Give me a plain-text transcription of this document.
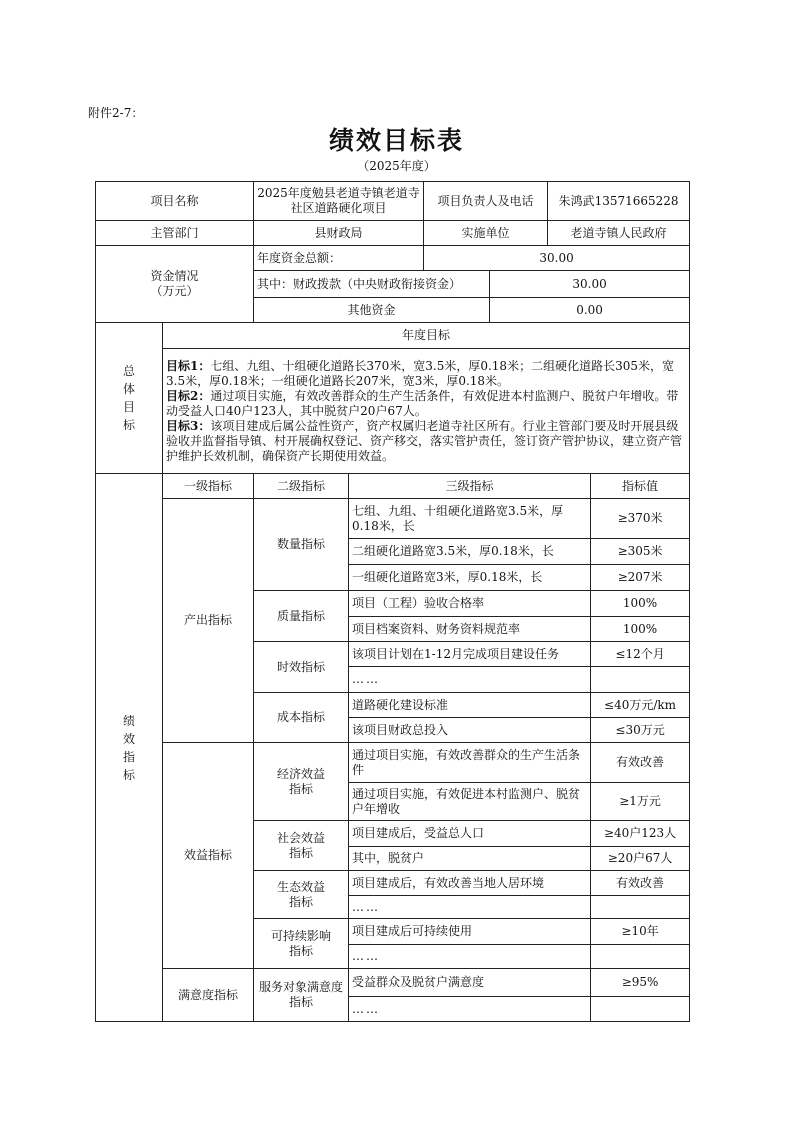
附件2-7：
绩效目标表
（2025年度）
项目名称		2025年度勉县老道寺镇老道寺社区道路硬化项目		项目负责人及电话		朱鸿武13571665228	
主管部门		县财政局		实施单位		老道寺镇人民政府	
资金情况
（万元）		年度资金总额：		30.00			
		其中：财政拨款（中央财政衔接资金）			30.00		
		其他资金			0.00		
总
体
目
标	年度目标						

	目标1：七组、九组、十组硬化道路长370米，宽3.5米，厚0.18米；二组硬化道路长305米，宽3.5米，厚0.18米；一组硬化道路长207米，宽3米，厚0.18米。

目标2：通过项目实施，有效改善群众的生产生活条件，有效促进本村监测户、脱贫户年增收。带动受益人口40户123人，其中脱贫户20户67人。

目标3：该项目建成后属公益性资产，资产权属归老道寺社区所有。行业主管部门要及时开展县级验收并监督指导镇、村开展确权登记、资产移交，落实管护责任，签订资产管护协议，建立资产管护维护长效机制，确保资产长期使用效益。						

绩
效
指
标	一级指标	二级指标	三级指标				指标值
	产出指标	数量指标	七组、九组、十组硬化道路宽3.5米，厚0.18米，长				≥370米
			二组硬化道路宽3.5米，厚0.18米，长				≥305米
			一组硬化道路宽3米，厚0.18米，长				≥207米
		质量指标	项目（工程）验收合格率				100%
			项目档案资料、财务资料规范率				100%
		时效指标	该项目计划在1-12月完成项目建设任务				≤12个月
			……				
		成本指标	道路硬化建设标准				≤40万元/km
			该项目财政总投入				≤30万元
	效益指标	经济效益
指标	通过项目实施，有效改善群众的生产生活条件				有效改善
			通过项目实施，有效促进本村监测户、脱贫户年增收				≥1万元
		社会效益
指标	项目建成后，受益总人口				≥40户123人
			其中，脱贫户				≥20户67人
		生态效益
指标	项目建成后，有效改善当地人居环境				有效改善
			……				
		可持续影响
指标	项目建成后可持续使用				≥10年
			……				
	满意度指标	服务对象满意度
指标	受益群众及脱贫户满意度				≥95%
			……				
